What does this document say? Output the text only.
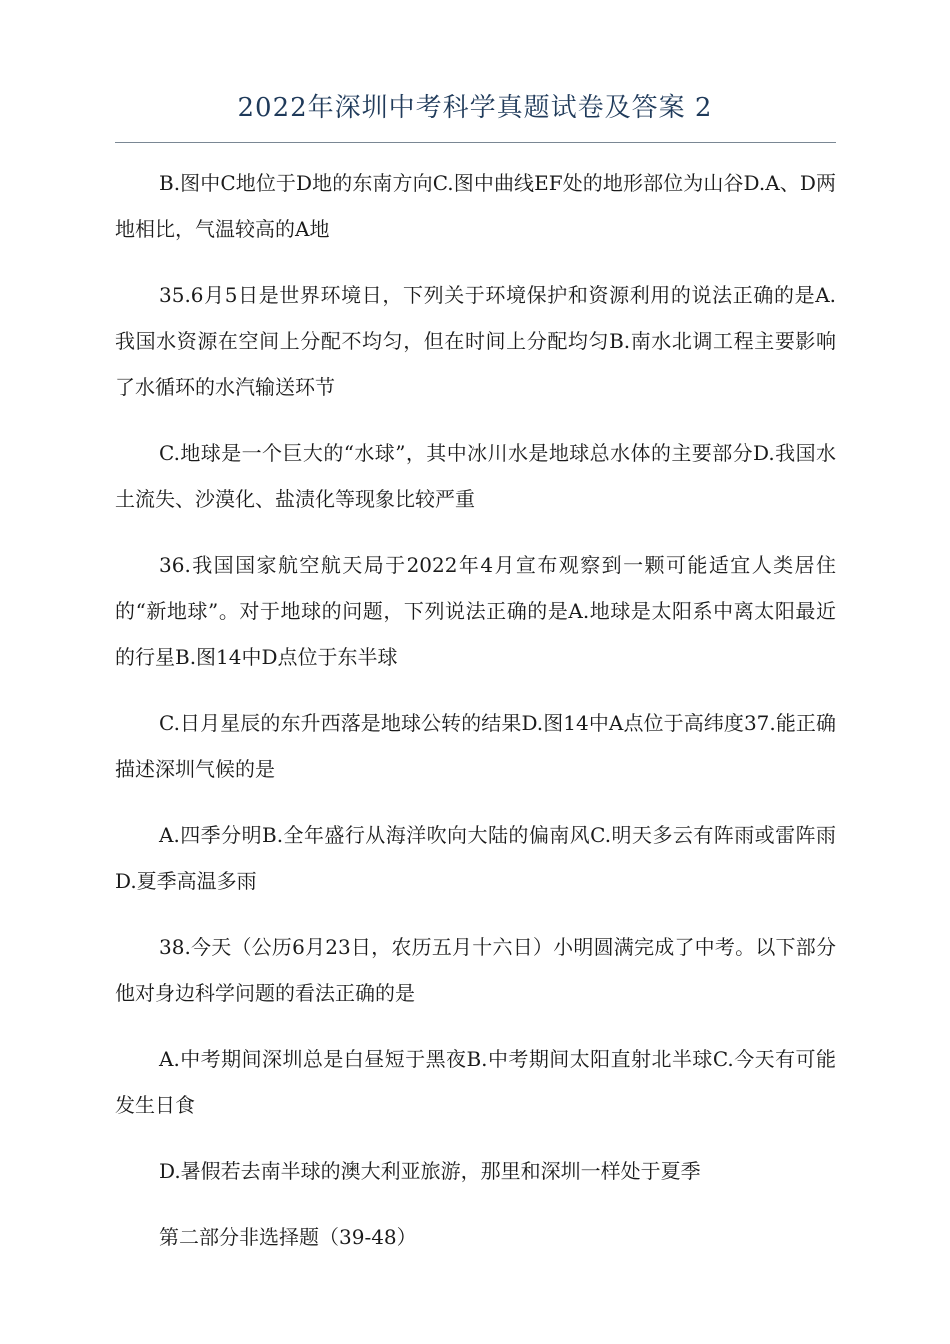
2022年深圳中考科学真题试卷及答案 2

B.图中C地位于D地的东南方向C.图中曲线EF处的地形部位为山谷D.A、D两地相比，气温较高的A地

35.6月5日是世界环境日，下列关于环境保护和资源利用的说法正确的是A.我国水资源在空间上分配不均匀，但在时间上分配均匀B.南水北调工程主要影响了水循环的水汽输送环节

C.地球是一个巨大的“水球”，其中冰川水是地球总水体的主要部分D.我国水土流失、沙漠化、盐渍化等现象比较严重

36.我国国家航空航天局于2022年4月宣布观察到一颗可能适宜人类居住的“新地球”。对于地球的问题，下列说法正确的是A.地球是太阳系中离太阳最近的行星B.图14中D点位于东半球

C.日月星辰的东升西落是地球公转的结果D.图14中A点位于高纬度37.能正确描述深圳气候的是

A.四季分明B.全年盛行从海洋吹向大陆的偏南风C.明天多云有阵雨或雷阵雨D.夏季高温多雨

38.今天（公历6月23日，农历五月十六日）小明圆满完成了中考。以下部分他对身边科学问题的看法正确的是

A.中考期间深圳总是白昼短于黑夜B.中考期间太阳直射北半球C.今天有可能发生日食

D.暑假若去南半球的澳大利亚旅游，那里和深圳一样处于夏季

第二部分非选择题（39-48）
